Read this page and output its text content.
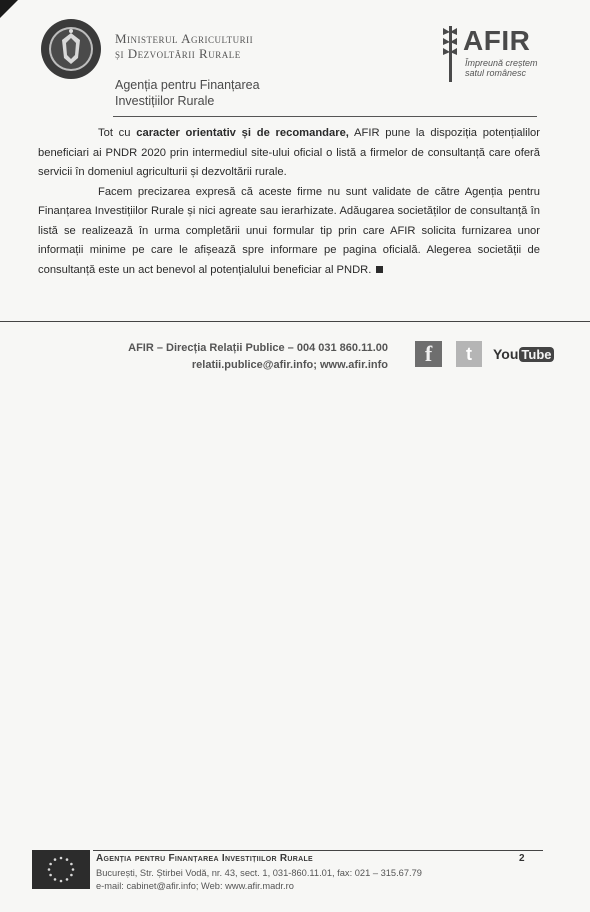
Ministerul Agriculturii
și Dezvoltării Rurale
Agenția pentru Finanțarea
Investițiilor Rurale
AFIR
Împreună creștem
satul românesc

Tot cu caracter orientativ și de recomandare, AFIR pune la dispoziția potențialilor beneficiari ai PNDR 2020 prin intermediul site-ului oficial o listă a firmelor de consultanță care oferă servicii în domeniul agriculturii și dezvoltării rurale.

Facem precizarea expresă că aceste firme nu sunt validate de către Agenția pentru Finanțarea Investițiilor Rurale și nici agreate sau ierarhizate. Adăugarea societăților de consultanță în listă se realizează în urma completării unui formular tip prin care AFIR solicita furnizarea unor informații minime pe care le afișează spre informare pe pagina oficială. Alegerea societății de consultanță este un act benevol al potențialului beneficiar al PNDR.

AFIR – Direcția Relații Publice – 004 031 860.11.00
relatii.publice@afir.info; www.afir.info f t You Tube
Agenția pentru Finanțarea Investițiilor Rurale	2
București, Str. Știrbei Vodă, nr. 43, sect. 1, 031-860.11.01, fax: 021 – 315.67.79
e-mail: cabinet@afir.info; Web: www.afir.madr.ro
